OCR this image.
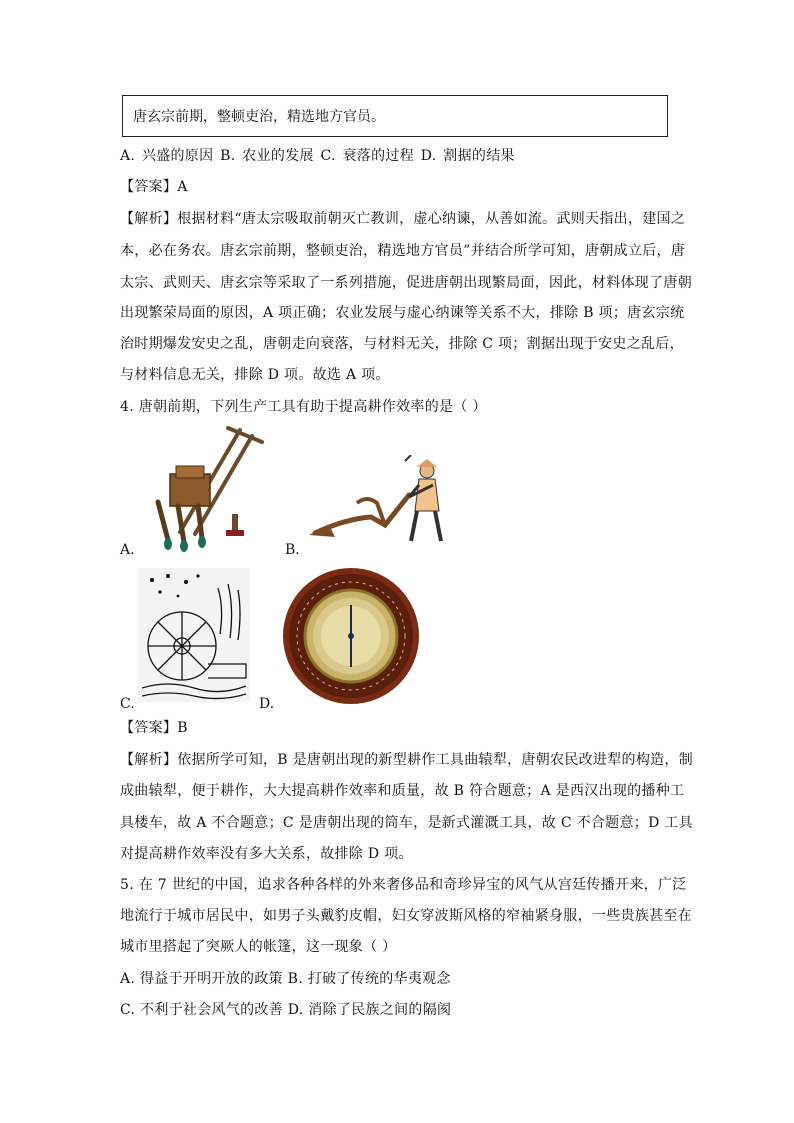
唐玄宗前期，整顿吏治，精选地方官员。
A. 兴盛的原因 B. 农业的发展 C. 衰落的过程 D. 割据的结果
【答案】A
【解析】根据材料“唐太宗吸取前朝灭亡教训，虚心纳谏，从善如流。武则天指出，建国之
本，必在务农。唐玄宗前期，整顿吏治，精选地方官员”并结合所学可知，唐朝成立后，唐
太宗、武则天、唐玄宗等采取了一系列措施，促进唐朝出现繁局面，因此，材料体现了唐朝
出现繁荣局面的原因，A 项正确；农业发展与虚心纳谏等关系不大，排除 B 项；唐玄宗统
治时期爆发安史之乱，唐朝走向衰落，与材料无关，排除 C 项；割据出现于安史之乱后，
与材料信息无关，排除 D 项。故选 A 项。
4. 唐朝前期，下列生产工具有助于提高耕作效率的是（ ）
A.	B.
C.	D.
【答案】B
【解析】依据所学可知，B 是唐朝出现的新型耕作工具曲辕犁，唐朝农民改进犁的构造，制
成曲辕犁，便于耕作，大大提高耕作效率和质量，故 B 符合题意；A 是西汉出现的播种工
具楼车，故 A 不合题意；C 是唐朝出现的筒车，是新式灌溉工具，故 C 不合题意；D 工具
对提高耕作效率没有多大关系，故排除 D 项。
5. 在 7 世纪的中国，追求各种各样的外来奢侈品和奇珍异宝的风气从宫廷传播开来，广泛
地流行于城市居民中，如男子头戴豹皮帽，妇女穿波斯风格的窄袖紧身服，一些贵族甚至在
城市里搭起了突厥人的帐篷，这一现象（ ）
A. 得益于开明开放的政策 B. 打破了传统的华夷观念
C. 不利于社会风气的改善 D. 消除了民族之间的隔阂
